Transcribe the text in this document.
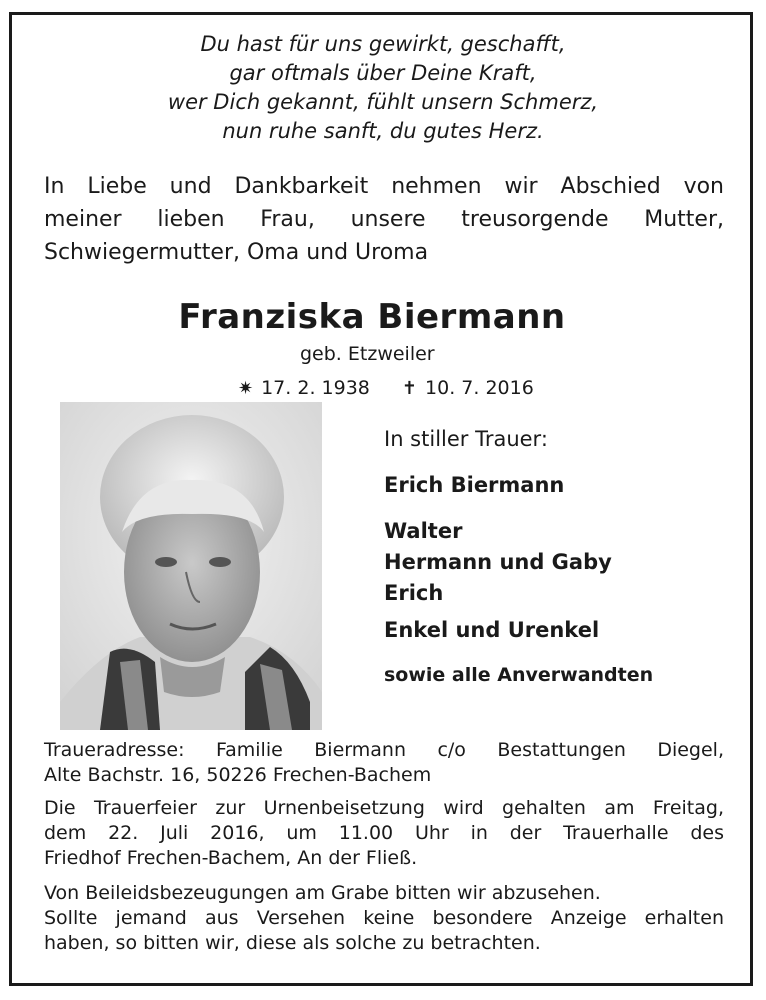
Du hast für uns gewirkt, geschafft,
gar oftmals über Deine Kraft,
wer Dich gekannt, fühlt unsern Schmerz,
nun ruhe sanft, du gutes Herz.
In Liebe und Dankbarkeit nehmen wir Abschied von
meiner lieben Frau, unsere treusorgende Mutter,
Schwiegermutter, Oma und Uroma
Franziska Biermann
geb. Etzweiler
✷ 17. 2. 1938 ✝ 10. 7. 2016
In stiller Trauer:
Erich Biermann
Walter
Hermann und Gaby
Erich
Enkel und Urenkel
sowie alle Anverwandten
Traueradresse: Familie Biermann c/o Bestattungen Diegel,
Alte Bachstr. 16, 50226 Frechen-Bachem
Die Trauerfeier zur Urnenbeisetzung wird gehalten am Freitag,
dem 22. Juli 2016, um 11.00 Uhr in der Trauerhalle des
Friedhof Frechen-Bachem, An der Fließ.
Von Beileidsbezeugungen am Grabe bitten wir abzusehen.
Sollte jemand aus Versehen keine besondere Anzeige erhalten
haben, so bitten wir, diese als solche zu betrachten.
